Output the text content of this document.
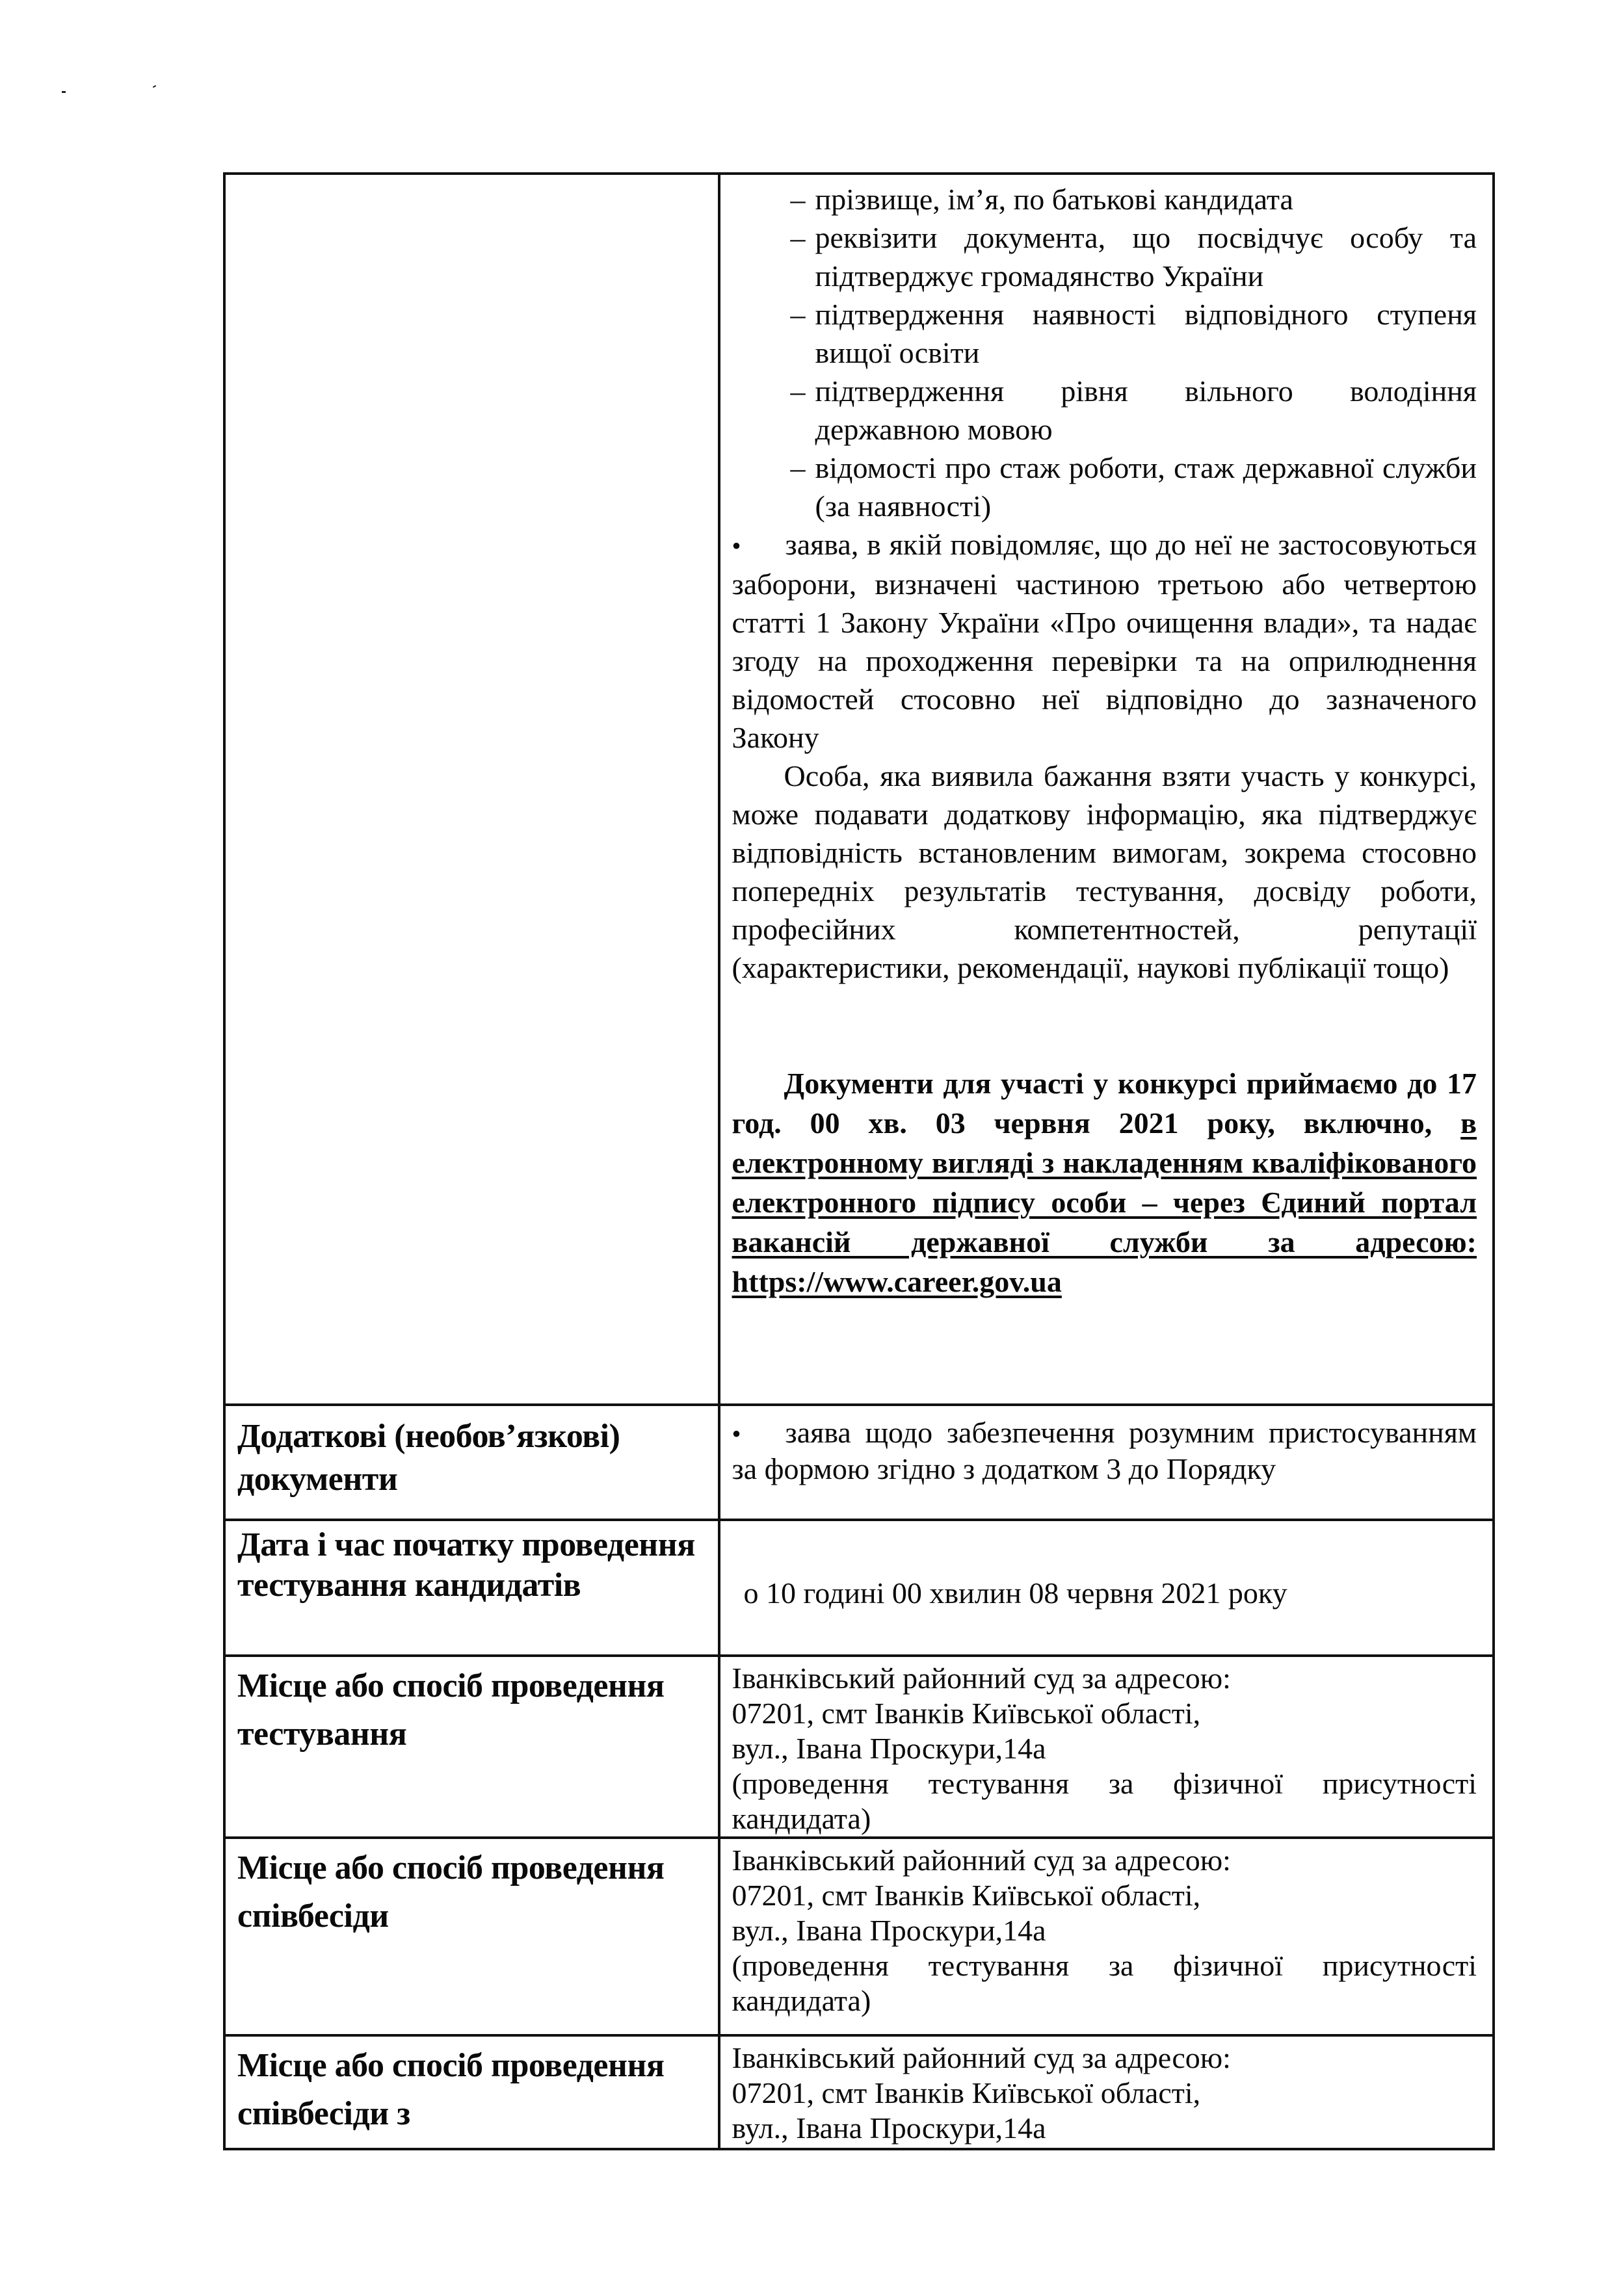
– прізвище, ім’я, по батькові кандидата
– реквізити документа, що посвідчує особу та підтверджує громадянство України
– підтвердження наявності відповідного ступеня вищої освіти
– підтвердження рівня вільного володіння державною мовою
– відомості про стаж роботи, стаж державної служби (за наявності)
• заява, в якій повідомляє, що до неї не застосовуються заборони, визначені частиною третьою або четвертою статті 1 Закону України «Про очищення влади», та надає згоду на проходження перевірки та на оприлюднення відомостей стосовно неї відповідно до зазначеного Закону
Особа, яка виявила бажання взяти участь у конкурсі, може подавати додаткову інформацію, яка підтверджує відповідність встановленим вимогам, зокрема стосовно попередніх результатів тестування, досвіду роботи, професійних компетентностей, репутації (характеристики, рекомендації, наукові публікації тощо)
Документи для участі у конкурсі приймаємо до 17 год. 00 хв. 03 червня 2021 року, включно, в електронному вигляді з накладенням кваліфікованого електронного підпису особи – через Єдиний портал вакансій державної служби за адресою: https://www.career.gov.ua

Додаткові (необов’язкові) документи	• заява щодо забезпечення розумним пристосуванням за формою згідно з додатком 3 до Порядку

Дата і час початку проведення тестування кандидатів	о 10 годині 00 хвилин 08 червня 2021 року

Місце або спосіб проведення тестування	Іванківський районний суд за адресою:
07201, смт Іванків Київської області,
вул., Івана Проскури,14а
(проведення тестування за фізичної присутності кандидата)

Місце або спосіб проведення співбесіди	Іванківський районний суд за адресою:
07201, смт Іванків Київської області,
вул., Івана Проскури,14а
(проведення тестування за фізичної присутності кандидата)

Місце або спосіб проведення співбесіди з	Іванківський районний суд за адресою:
07201, смт Іванків Київської області,
вул., Івана Проскури,14а
